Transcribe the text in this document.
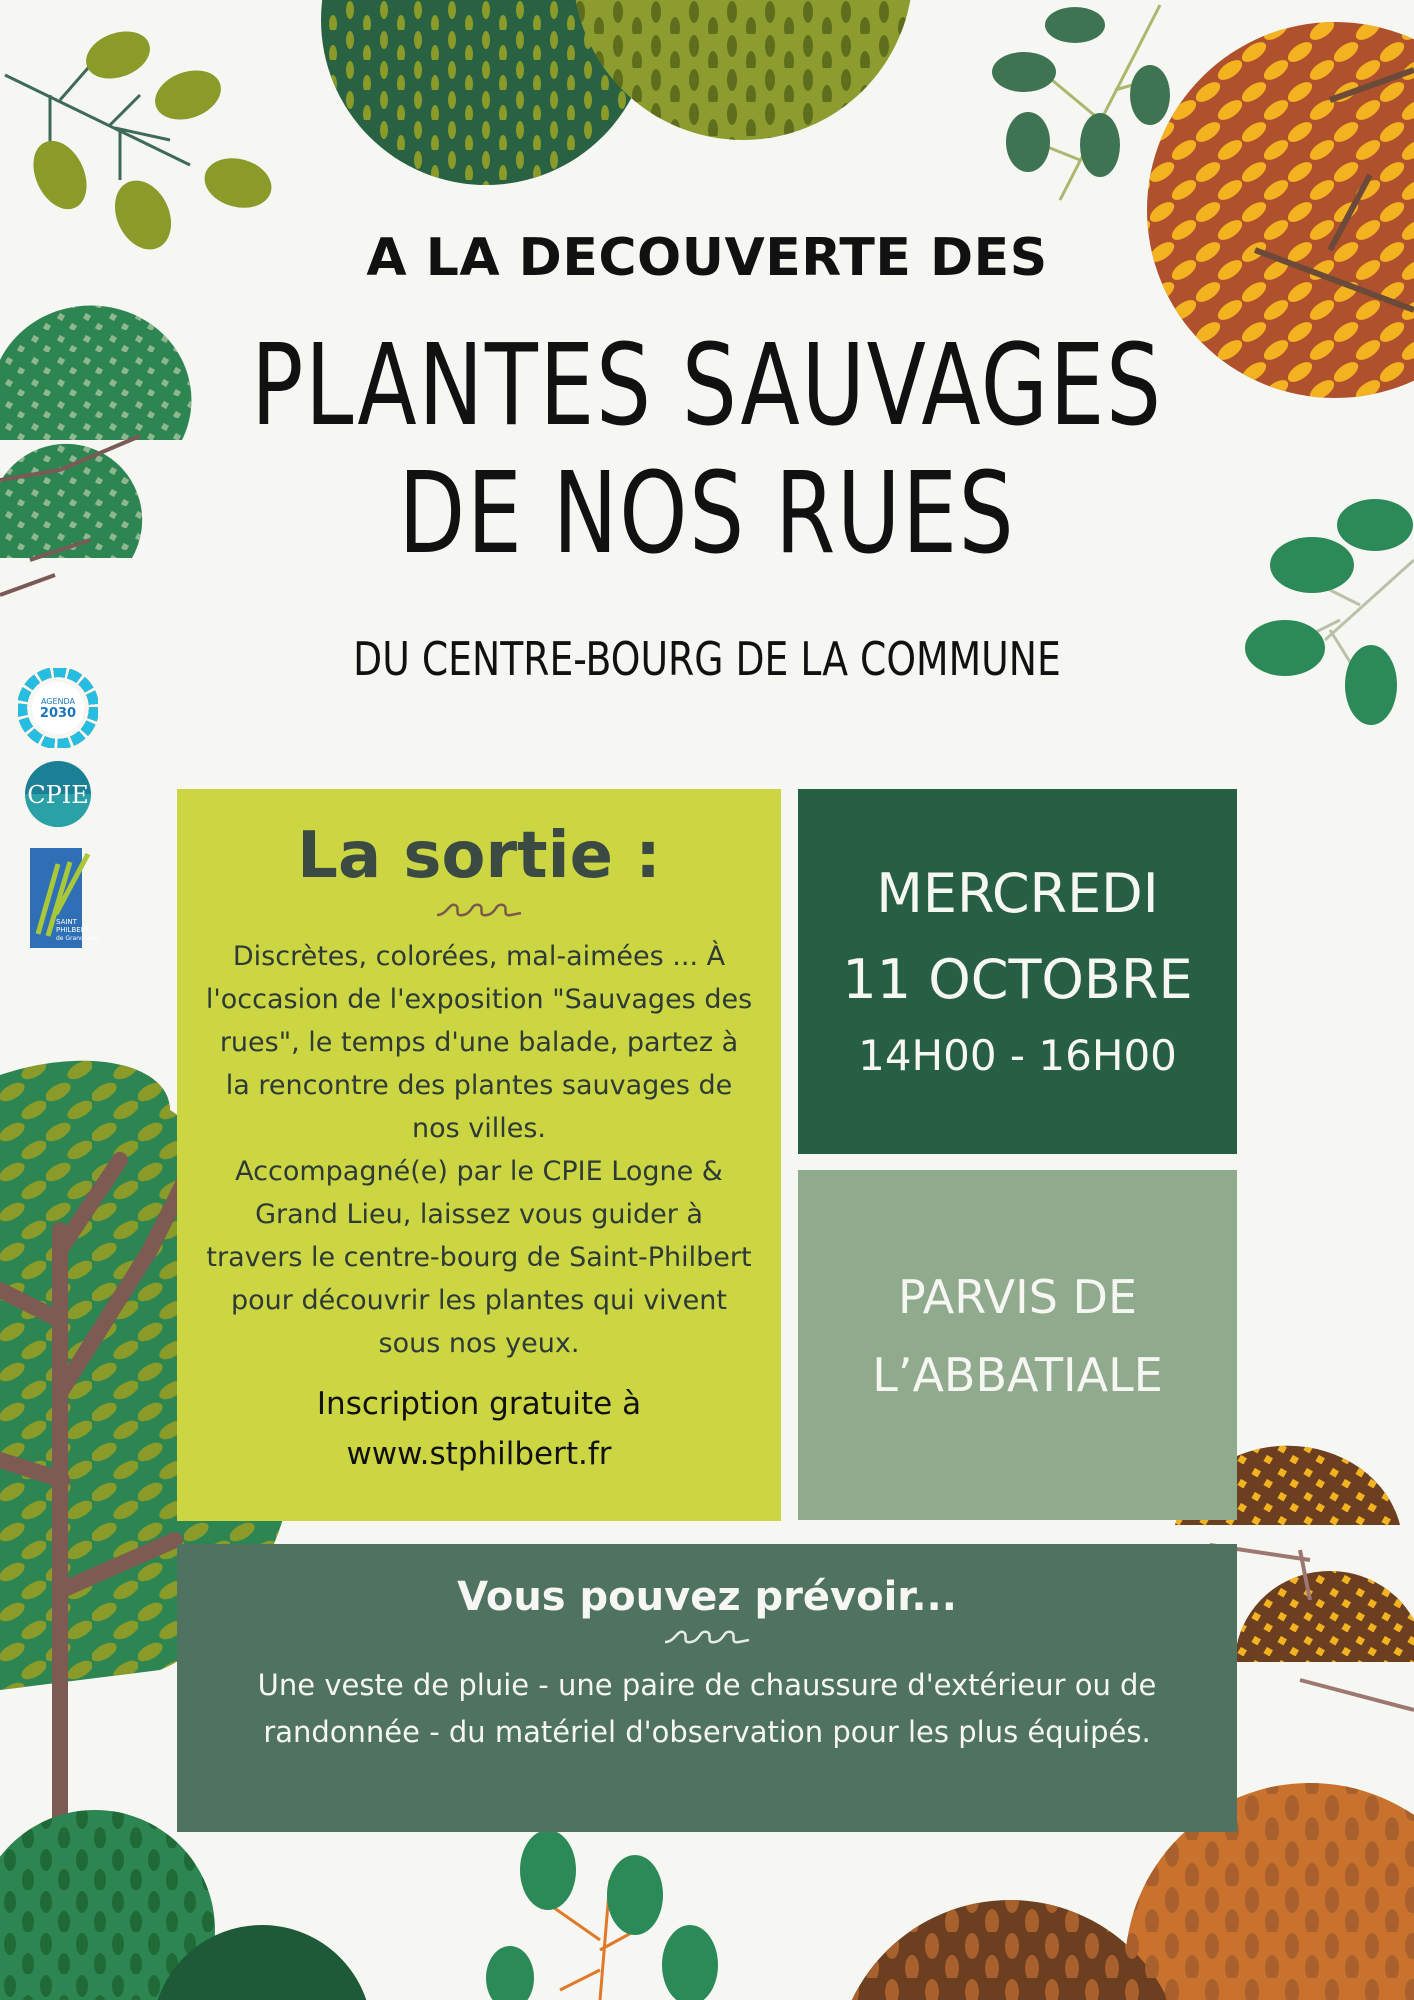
A LA DECOUVERTE DES
PLANTES SAUVAGES
DE NOS RUES
DU CENTRE-BOURG DE LA COMMUNE
AGENDA
2030

CPIE

SAINT
PHILBERT
de Grand Lieu
La sortie :

Discrètes, colorées, mal-aimées ... À l'occasion de l'exposition "Sauvages des rues", le temps d'une balade, partez à la rencontre des plantes sauvages de nos villes.

Accompagné(e) par le CPIE Logne & Grand Lieu, laissez vous guider à travers le centre-bourg de Saint-Philbert pour découvrir les plantes qui vivent sous nos yeux.

Inscription gratuite à
www.stphilbert.fr

MERCREDI

11 OCTOBRE

14H00 - 16H00

PARVIS DE

L’ABBATIALE

Vous pouvez prévoir...

Une veste de pluie - une paire de chaussure d'extérieur ou de randonnée - du matériel d'observation pour les plus équipés.
